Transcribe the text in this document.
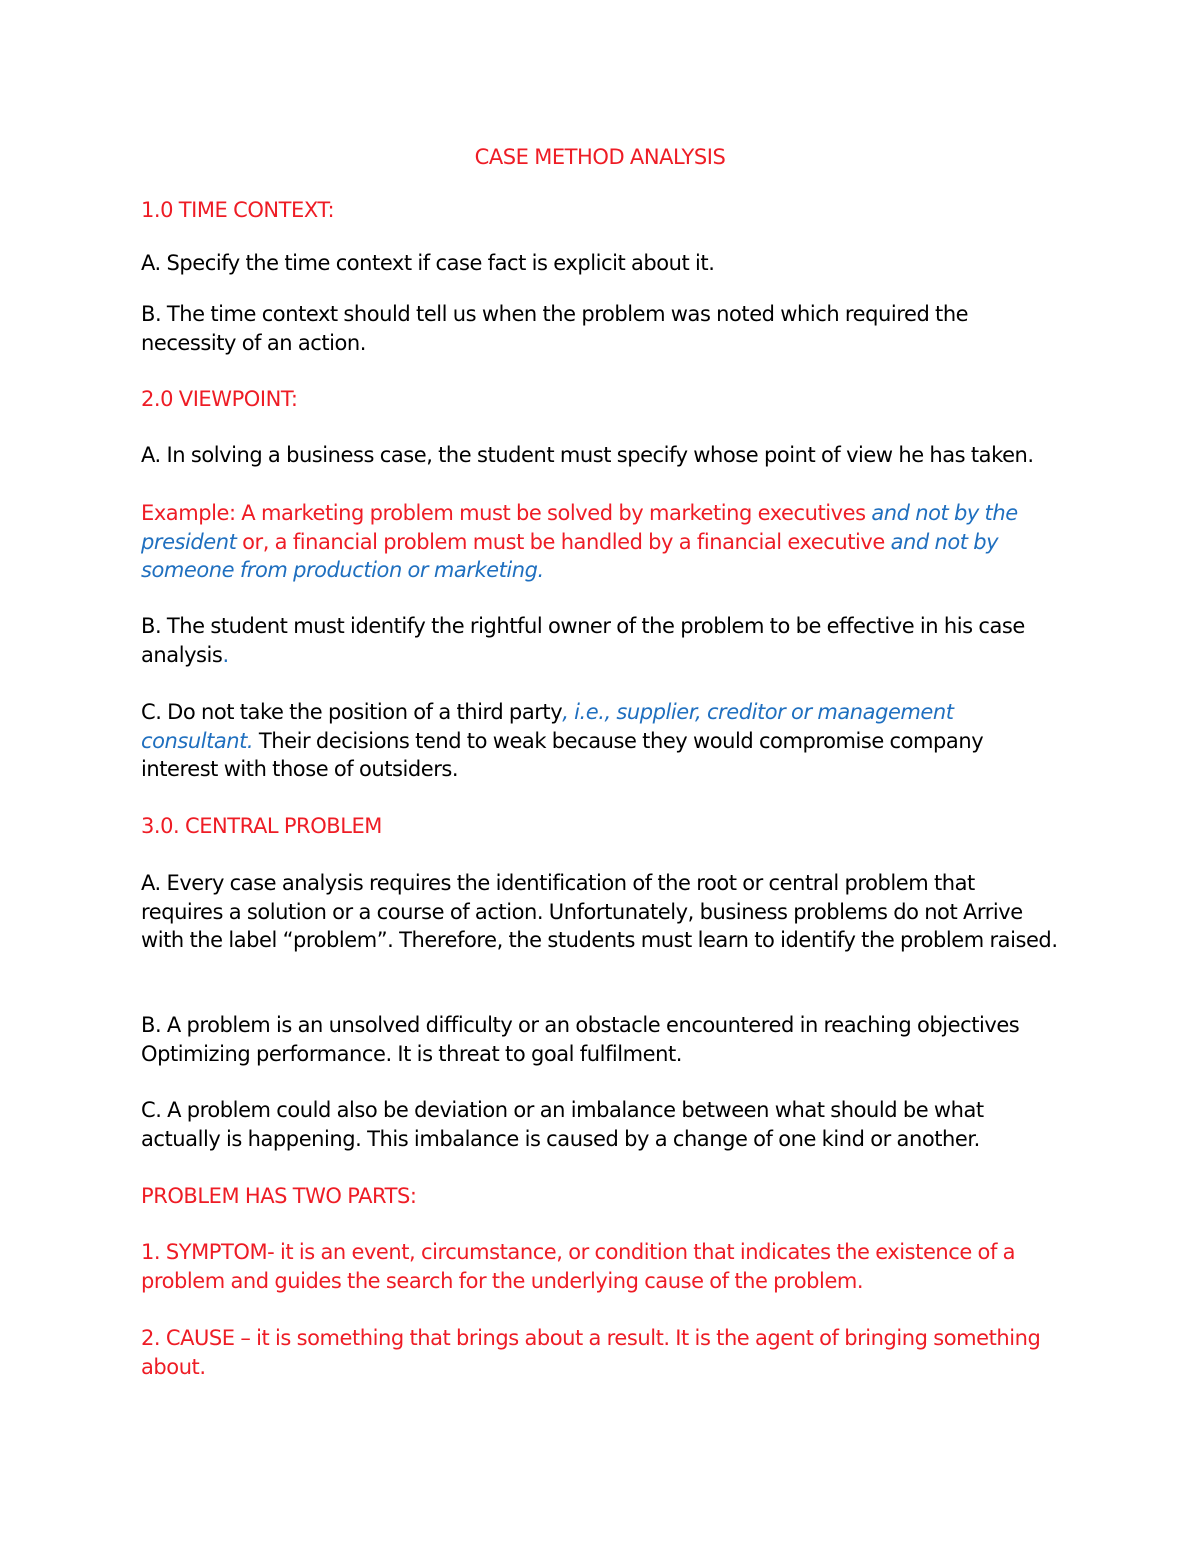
CASE METHOD ANALYSIS

1.0 TIME CONTEXT:

A. Specify the time context if case fact is explicit about it.

B. The time context should tell us when the problem was noted which required the necessity of an action.

2.0 VIEWPOINT:

A. In solving a business case, the student must specify whose point of view he has taken.

Example: A marketing problem must be solved by marketing executives and not by the president or, a financial problem must be handled by a financial executive and not by someone from production or marketing.

B. The student must identify the rightful owner of the problem to be effective in his case analysis.

C. Do not take the position of a third party, i.e., supplier, creditor or management consultant. Their decisions tend to weak because they would compromise company interest with those of outsiders.

3.0. CENTRAL PROBLEM

A. Every case analysis requires the identification of the root or central problem that requires a solution or a course of action. Unfortunately, business problems do not Arrive with the label “problem”. Therefore, the students must learn to identify the problem raised.

B. A problem is an unsolved difficulty or an obstacle encountered in reaching objectives Optimizing performance. It is threat to goal fulfilment.

C. A problem could also be deviation or an imbalance between what should be what actually is happening. This imbalance is caused by a change of one kind or another.

PROBLEM HAS TWO PARTS:

1. SYMPTOM- it is an event, circumstance, or condition that indicates the existence of a problem and guides the search for the underlying cause of the problem.

2. CAUSE – it is something that brings about a result. It is the agent of bringing something about.
